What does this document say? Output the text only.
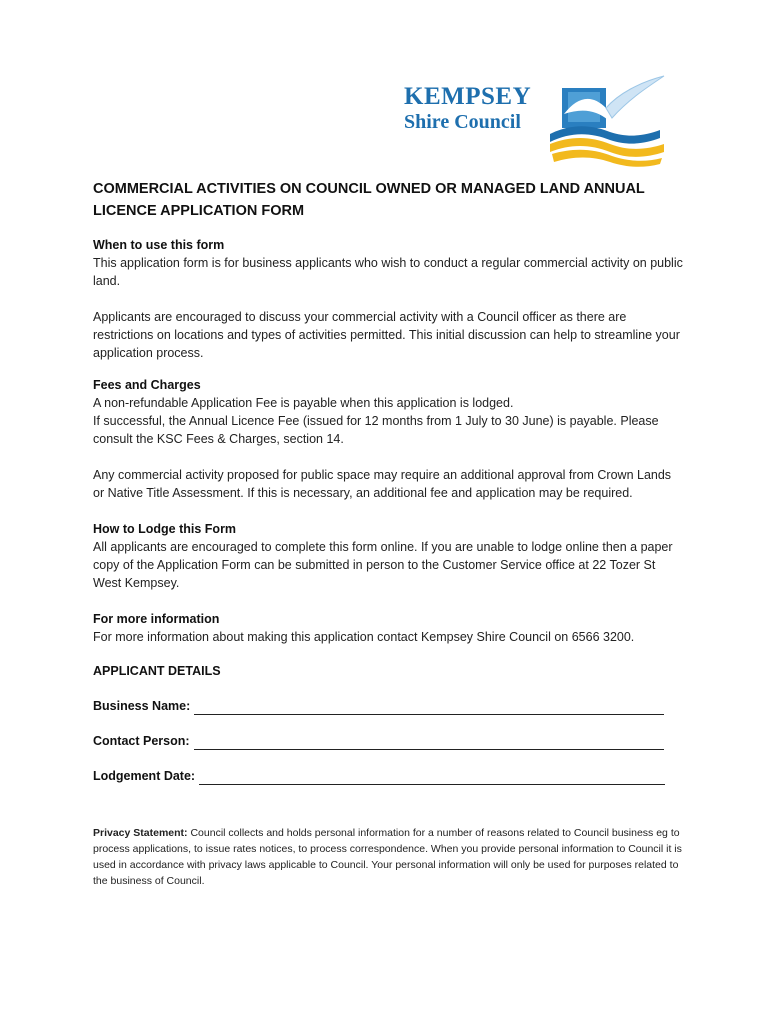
KEMPSEY
Shire Council
COMMERCIAL ACTIVITIES ON COUNCIL OWNED OR MANAGED LAND ANNUAL LICENCE APPLICATION FORM
When to use this form

This application form is for business applicants who wish to conduct a regular commercial activity on public land.

Applicants are encouraged to discuss your commercial activity with a Council officer as there are restrictions on locations and types of activities permitted. This initial discussion can help to streamline your application process.

Fees and Charges

A non-refundable Application Fee is payable when this application is lodged.

If successful, the Annual Licence Fee (issued for 12 months from 1 July to 30 June) is payable. Please consult the KSC Fees & Charges, section 14.

Any commercial activity proposed for public space may require an additional approval from Crown Lands or Native Title Assessment. If this is necessary, an additional fee and application may be required.

How to Lodge this Form

All applicants are encouraged to complete this form online. If you are unable to lodge online then a paper copy of the Application Form can be submitted in person to the Customer Service office at 22 Tozer St West Kempsey.

For more information

For more information about making this application contact Kempsey Shire Council on 6566 3200.

APPLICANT DETAILS
Business Name:
Contact Person:
Lodgement Date:
Privacy Statement: Council collects and holds personal information for a number of reasons related to Council business eg to process applications, to issue rates notices, to process correspondence. When you provide personal information to Council it is used in accordance with privacy laws applicable to Council. Your personal information will only be used for purposes related to the business of Council.
